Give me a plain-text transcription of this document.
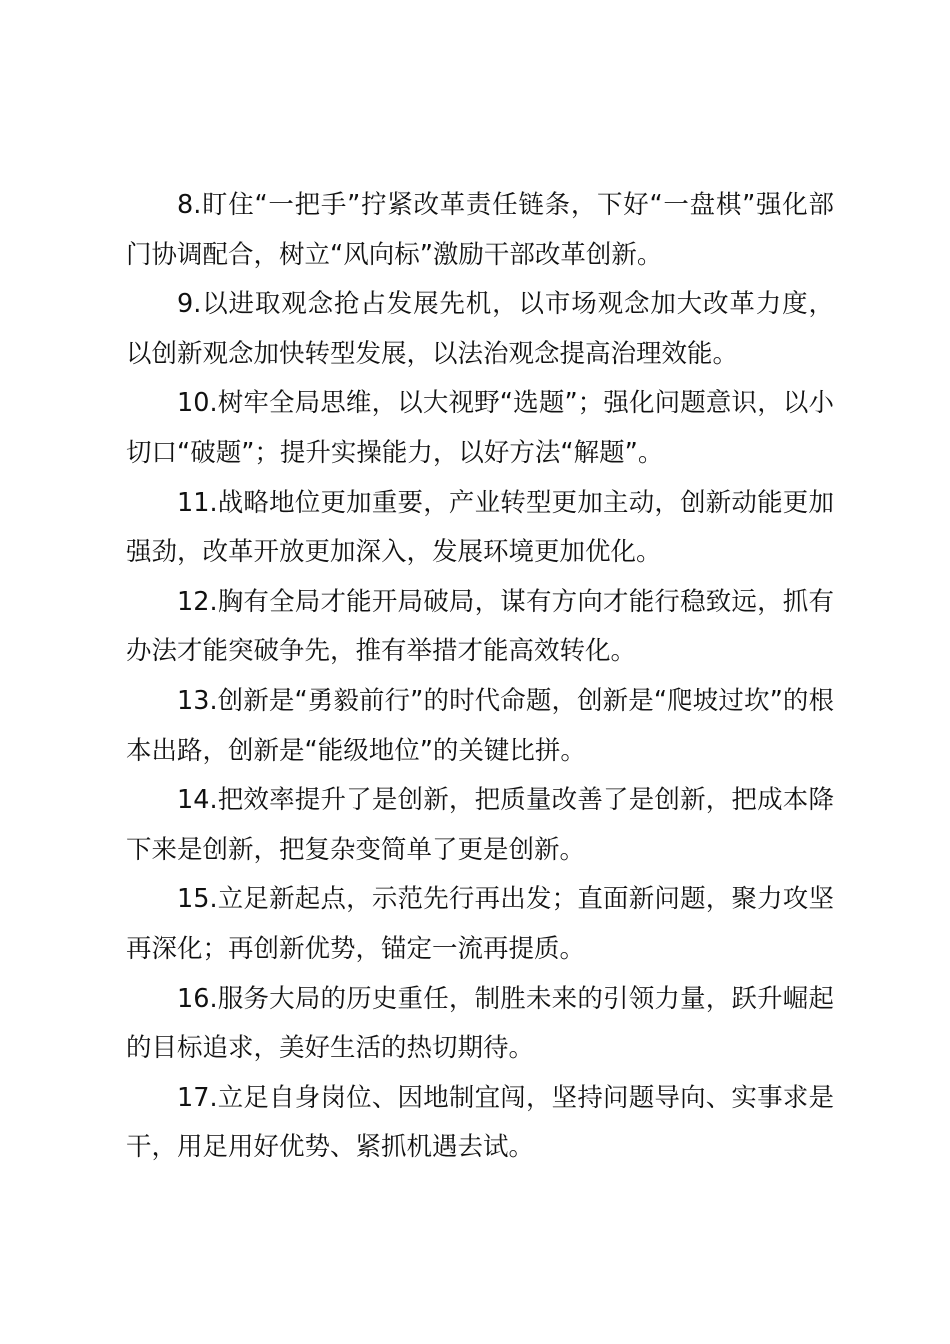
8.盯住“一把手”拧紧改革责任链条，下好“一盘棋”强化部门协调配合，树立“风向标”激励干部改革创新。

9.以进取观念抢占发展先机，以市场观念加大改革力度，以创新观念加快转型发展，以法治观念提高治理效能。

10.树牢全局思维，以大视野“选题”；强化问题意识，以小切口“破题”；提升实操能力，以好方法“解题”。

11.战略地位更加重要，产业转型更加主动，创新动能更加强劲，改革开放更加深入，发展环境更加优化。

12.胸有全局才能开局破局，谋有方向才能行稳致远，抓有办法才能突破争先，推有举措才能高效转化。

13.创新是“勇毅前行”的时代命题，创新是“爬坡过坎”的根本出路，创新是“能级地位”的关键比拼。

14.把效率提升了是创新，把质量改善了是创新，把成本降下来是创新，把复杂变简单了更是创新。

15.立足新起点，示范先行再出发；直面新问题，聚力攻坚再深化；再创新优势，锚定一流再提质。

16.服务大局的历史重任，制胜未来的引领力量，跃升崛起的目标追求，美好生活的热切期待。

17.立足自身岗位、因地制宜闯，坚持问题导向、实事求是干，用足用好优势、紧抓机遇去试。
